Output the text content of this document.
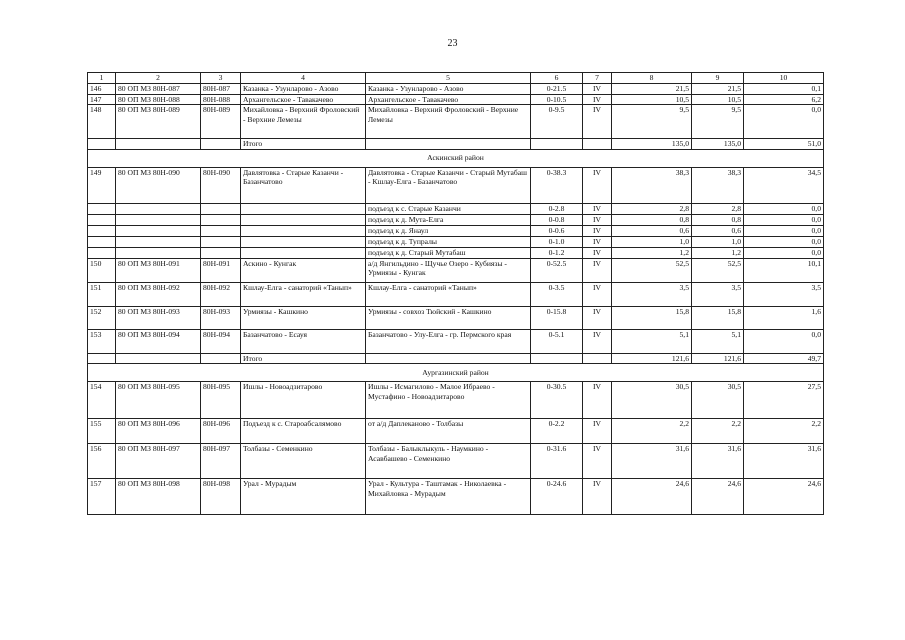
23
1	2	3	4	5	6	7	8	9	10
146	80 ОП МЗ 80Н-087	80Н-087	Казанка - Узунларово - Азово	Казанка - Узунларово - Азово	0-21.5	IV	21,5	21,5	0,1
147	80 ОП МЗ 80Н-088	80Н-088	Архангельское - Тавакачево	Архангельское - Тавакачево	0-10.5	IV	10,5	10,5	6,2
148	80 ОП МЗ 80Н-089	80Н-089	Михайловка - Верхний Фроловский - Верхние Лемезы	Михайловка - Верхний Фроловский - Верхние Лемезы	0-9.5	IV	9,5	9,5	0,0
			Итого				135,0	135,0	51,0
Аскинский район									
149	80 ОП МЗ 80Н-090	80Н-090	Давлятовка - Старые Казанчи - Базанчатово	Давлятовка - Старые Казанчи - Старый Мутабаш - Кшлау-Елга - Базанчатово	0-38.3	IV	38,3	38,3	34,5
				подъезд к с. Старые Казанчи	0-2.8	IV	2,8	2,8	0,0
				подъезд к д. Мута-Елга	0-0.8	IV	0,8	0,8	0,0
				подъезд к д. Янаул	0-0.6	IV	0,6	0,6	0,0
				подъезд к д. Тупралы	0-1.0	IV	1,0	1,0	0,0
				подъезд к д. Старый Мутабаш	0-1.2	IV	1,2	1,2	0,0
150	80 ОП МЗ 80Н-091	80Н-091	Аскино - Кунгак	а/д Янгильдино - Щучье Озеро - Кубиязы - Урмиязы - Кунгак	0-52.5	IV	52,5	52,5	10,1
151	80 ОП МЗ 80Н-092	80Н-092	Кшлау-Елга - санаторий «Танып»	Кшлау-Елга - санаторий «Танып»	0-3.5	IV	3,5	3,5	3,5
152	80 ОП МЗ 80Н-093	80Н-093	Урмиязы - Кашкино	Урмиязы - совхоз Тюйский - Кашкино	0-15.8	IV	15,8	15,8	1,6
153	80 ОП МЗ 80Н-094	80Н-094	Базанчатово - Есауя	Базанчатово - Улу-Елга - гр. Пермского края	0-5.1	IV	5,1	5,1	0,0
			Итого				121,6	121,6	49,7
Аургазинский район									
154	80 ОП МЗ 80Н-095	80Н-095	Ишлы - Новоадзитарово	Ишлы - Исмагилово - Малое Ибраево - Мустафино - Новоадзитарово	0-30.5	IV	30,5	30,5	27,5
155	80 ОП МЗ 80Н-096	80Н-096	Подъезд к с. Староабсалямово	от а/д Даплеканово - Толбазы	0-2.2	IV	2,2	2,2	2,2
156	80 ОП МЗ 80Н-097	80Н-097	Толбазы - Семенкино	Толбазы - Балыклыкуль - Наумкино - Асавбашево - Семенкино	0-31.6	IV	31,6	31,6	31,6
157	80 ОП МЗ 80Н-098	80Н-098	Урал - Мурадым	Урал - Культура - Таштамак - Николаевка - Михайловка - Мурадым	0-24.6	IV	24,6	24,6	24,6
